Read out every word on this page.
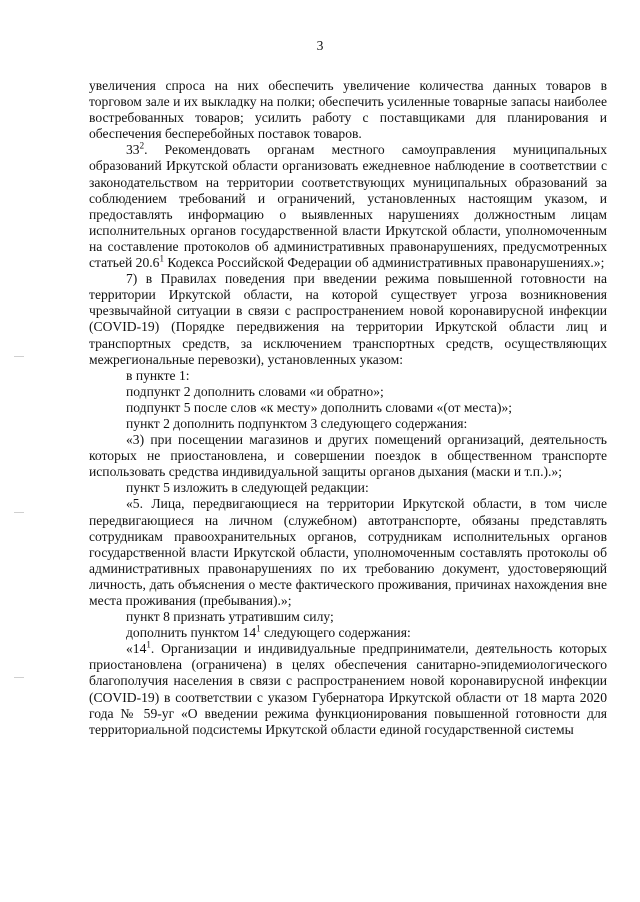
3

увеличения спроса на них обеспечить увеличение количества данных товаров в торговом зале и их выкладку на полки; обеспечить усиленные товарные запасы наиболее востребованных товаров; усилить работу с поставщиками для планирования и обеспечения бесперебойных поставок товаров.

$33^2$. Рекомендовать органам местного самоуправления муниципальных образований Иркутской области организовать ежедневное наблюдение в соответствии с законодательством на территории соответствующих муниципальных образований за соблюдением требований и ограничений, установленных настоящим указом, и предоставлять информацию о выявленных нарушениях должностным лицам исполнительных органов государственной власти Иркутской области, уполномоченным на составление протоколов об административных правонарушениях, предусмотренных статьей 20.6$^1$ Кодекса Российской Федерации об административных правонарушениях.»;

7) в Правилах поведения при введении режима повышенной готовности на территории Иркутской области, на которой существует угроза возникновения чрезвычайной ситуации в связи с распространением новой коронавирусной инфекции (COVID-19) (Порядке передвижения на территории Иркутской области лиц и транспортных средств, за исключением транспортных средств, осуществляющих межрегиональные перевозки), установленных указом:

в пункте 1:

подпункт 2 дополнить словами «и обратно»;

подпункт 5 после слов «к месту» дополнить словами «(от места)»;

пункт 2 дополнить подпунктом 3 следующего содержания:

«3) при посещении магазинов и других помещений организаций, деятельность которых не приостановлена, и совершении поездок в общественном транспорте использовать средства индивидуальной защиты органов дыхания (маски и т.п.).»;

пункт 5 изложить в следующей редакции:

«5. Лица, передвигающиеся на территории Иркутской области, в том числе передвигающиеся на личном (служебном) автотранспорте, обязаны представлять сотрудникам правоохранительных органов, сотрудникам исполнительных органов государственной власти Иркутской области, уполномоченным составлять протоколы об административных правонарушениях по их требованию документ, удостоверяющий личность, дать объяснения о месте фактического проживания, причинах нахождения вне места проживания (пребывания).»;

пункт 8 признать утратившим силу;

дополнить пунктом $14^1$ следующего содержания:

«$14^1$. Организации и индивидуальные предприниматели, деятельность которых приостановлена (ограничена) в целях обеспечения санитарно-эпидемиологического благополучия населения в связи с распространением новой коронавирусной инфекции (COVID-19) в соответствии с указом Губернатора Иркутской области от 18 марта 2020 года № 59-уг «О введении режима функционирования повышенной готовности для территориальной подсистемы Иркутской области единой государственной системы
